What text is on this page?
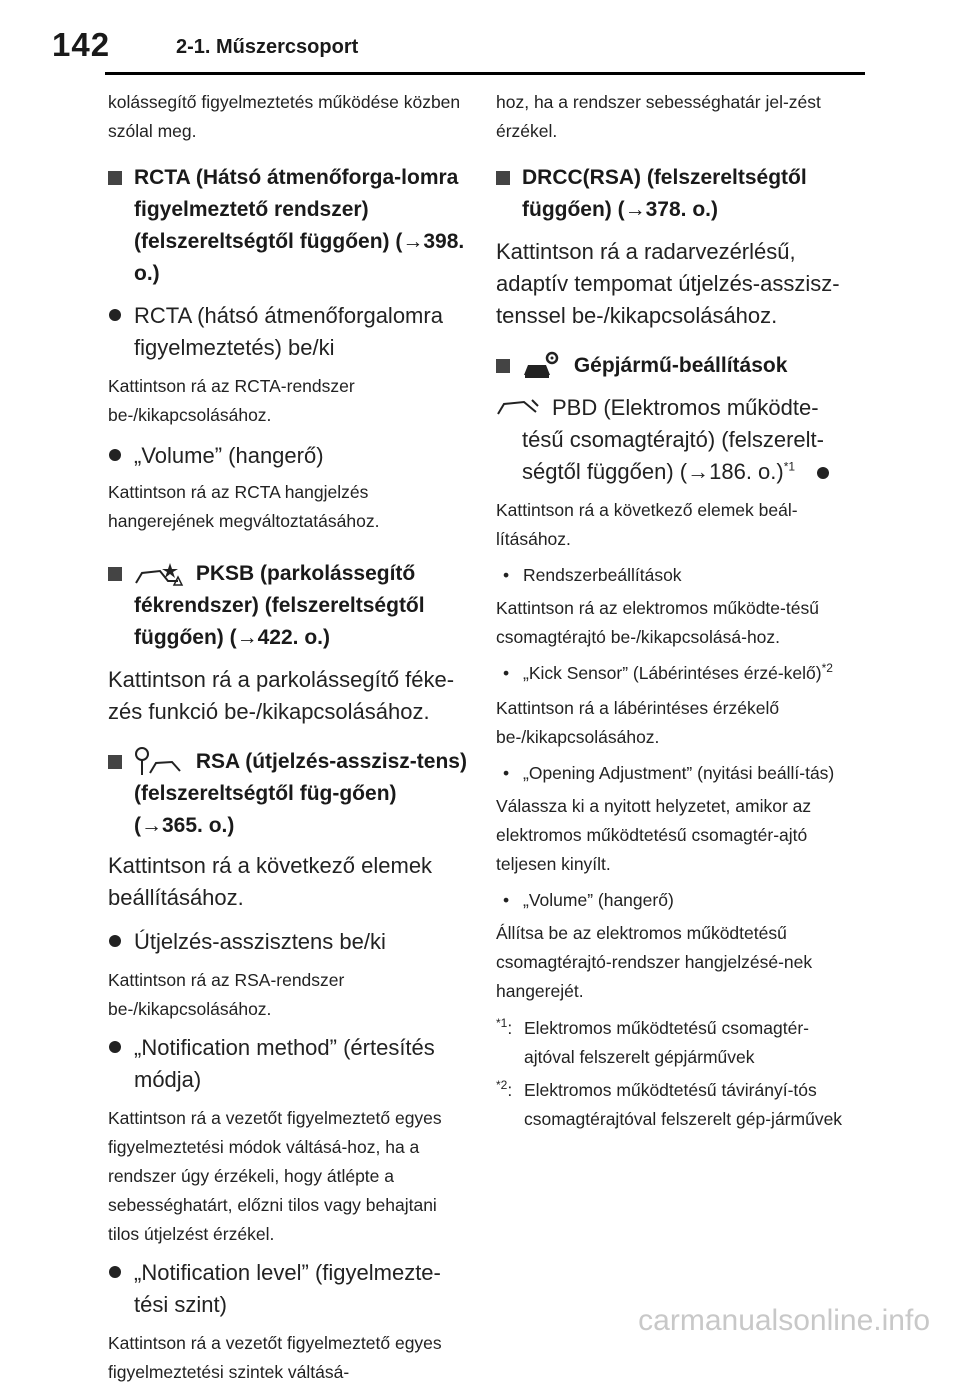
142	2-1. Műszercsoport
kolássegítő figyelmeztetés működése közben szólal meg.
RCTA (Hátsó átmenőforga-lomra figyelmeztető rendszer) (felszereltségtől függően) (→398. o.)
RCTA (hátsó átmenőforgalomra figyelmeztetés) be/ki
Kattintson rá az RCTA-rendszer be-/kikapcsolásához.
„Volume” (hangerő)
Kattintson rá az RCTA hangjelzés hangerejének megváltoztatásához.
PKSB (parkolássegítő fékrendszer) (felszereltségtől függően) (→422. o.)
Kattintson rá a parkolássegítő féke-zés funkció be-/kikapcsolásához.
RSA (útjelzés-asszisz-tens) (felszereltségtől füg-gően) (→365. o.)
Kattintson rá a következő elemek beállításához.
Útjelzés-asszisztens be/ki
Kattintson rá az RSA-rendszer be-/kikapcsolásához.
„Notification method” (értesítés módja)
Kattintson rá a vezetőt figyelmeztető egyes figyelmeztetési módok váltásá-hoz, ha a rendszer úgy érzékeli, hogy átlépte a sebességhatárt, előzni tilos vagy behajtani tilos útjelzést érzékel.
„Notification level” (figyelmezte-tési szint)
Kattintson rá a vezetőt figyelmeztető egyes figyelmeztetési szintek váltásá-
hoz, ha a rendszer sebességhatár jel-zést érzékel.
DRCC(RSA) (felszereltségtől függően) (→378. o.)
Kattintson rá a radarvezérlésű, adaptív tempomat útjelzés-asszisz-tenssel be-/kikapcsolásához.
Gépjármű-beállítások
PBD (Elektromos működte-tésű csomagtérajtó) (felszerelt-ségtől függően) (→186. o.)$^{*1}$
Kattintson rá a következő elemek beál-lításához.
• Rendszerbeállítások
Kattintson rá az elektromos működte-tésű csomagtérajtó be-/kikapcsolásá-hoz.
• „Kick Sensor” (Lábérintéses érzé-kelő)$^{*2}$
Kattintson rá a lábérintéses érzékelő be-/kikapcsolásához.
• „Opening Adjustment” (nyitási beállí-tás)
Válassza ki a nyitott helyzetet, amikor az elektromos működtetésű csomagtér-ajtó teljesen kinyílt.
• „Volume” (hangerő)
Állítsa be az elektromos működtetésű csomagtérajtó-rendszer hangjelzésé-nek hangerejét.
$^{*1}$: Elektromos működtetésű csomagtér-ajtóval felszerelt gépjárművek
$^{*2}$: Elektromos működtetésű távirányí-tós csomagtérajtóval felszerelt gép-járművek
carmanualsonline.info
